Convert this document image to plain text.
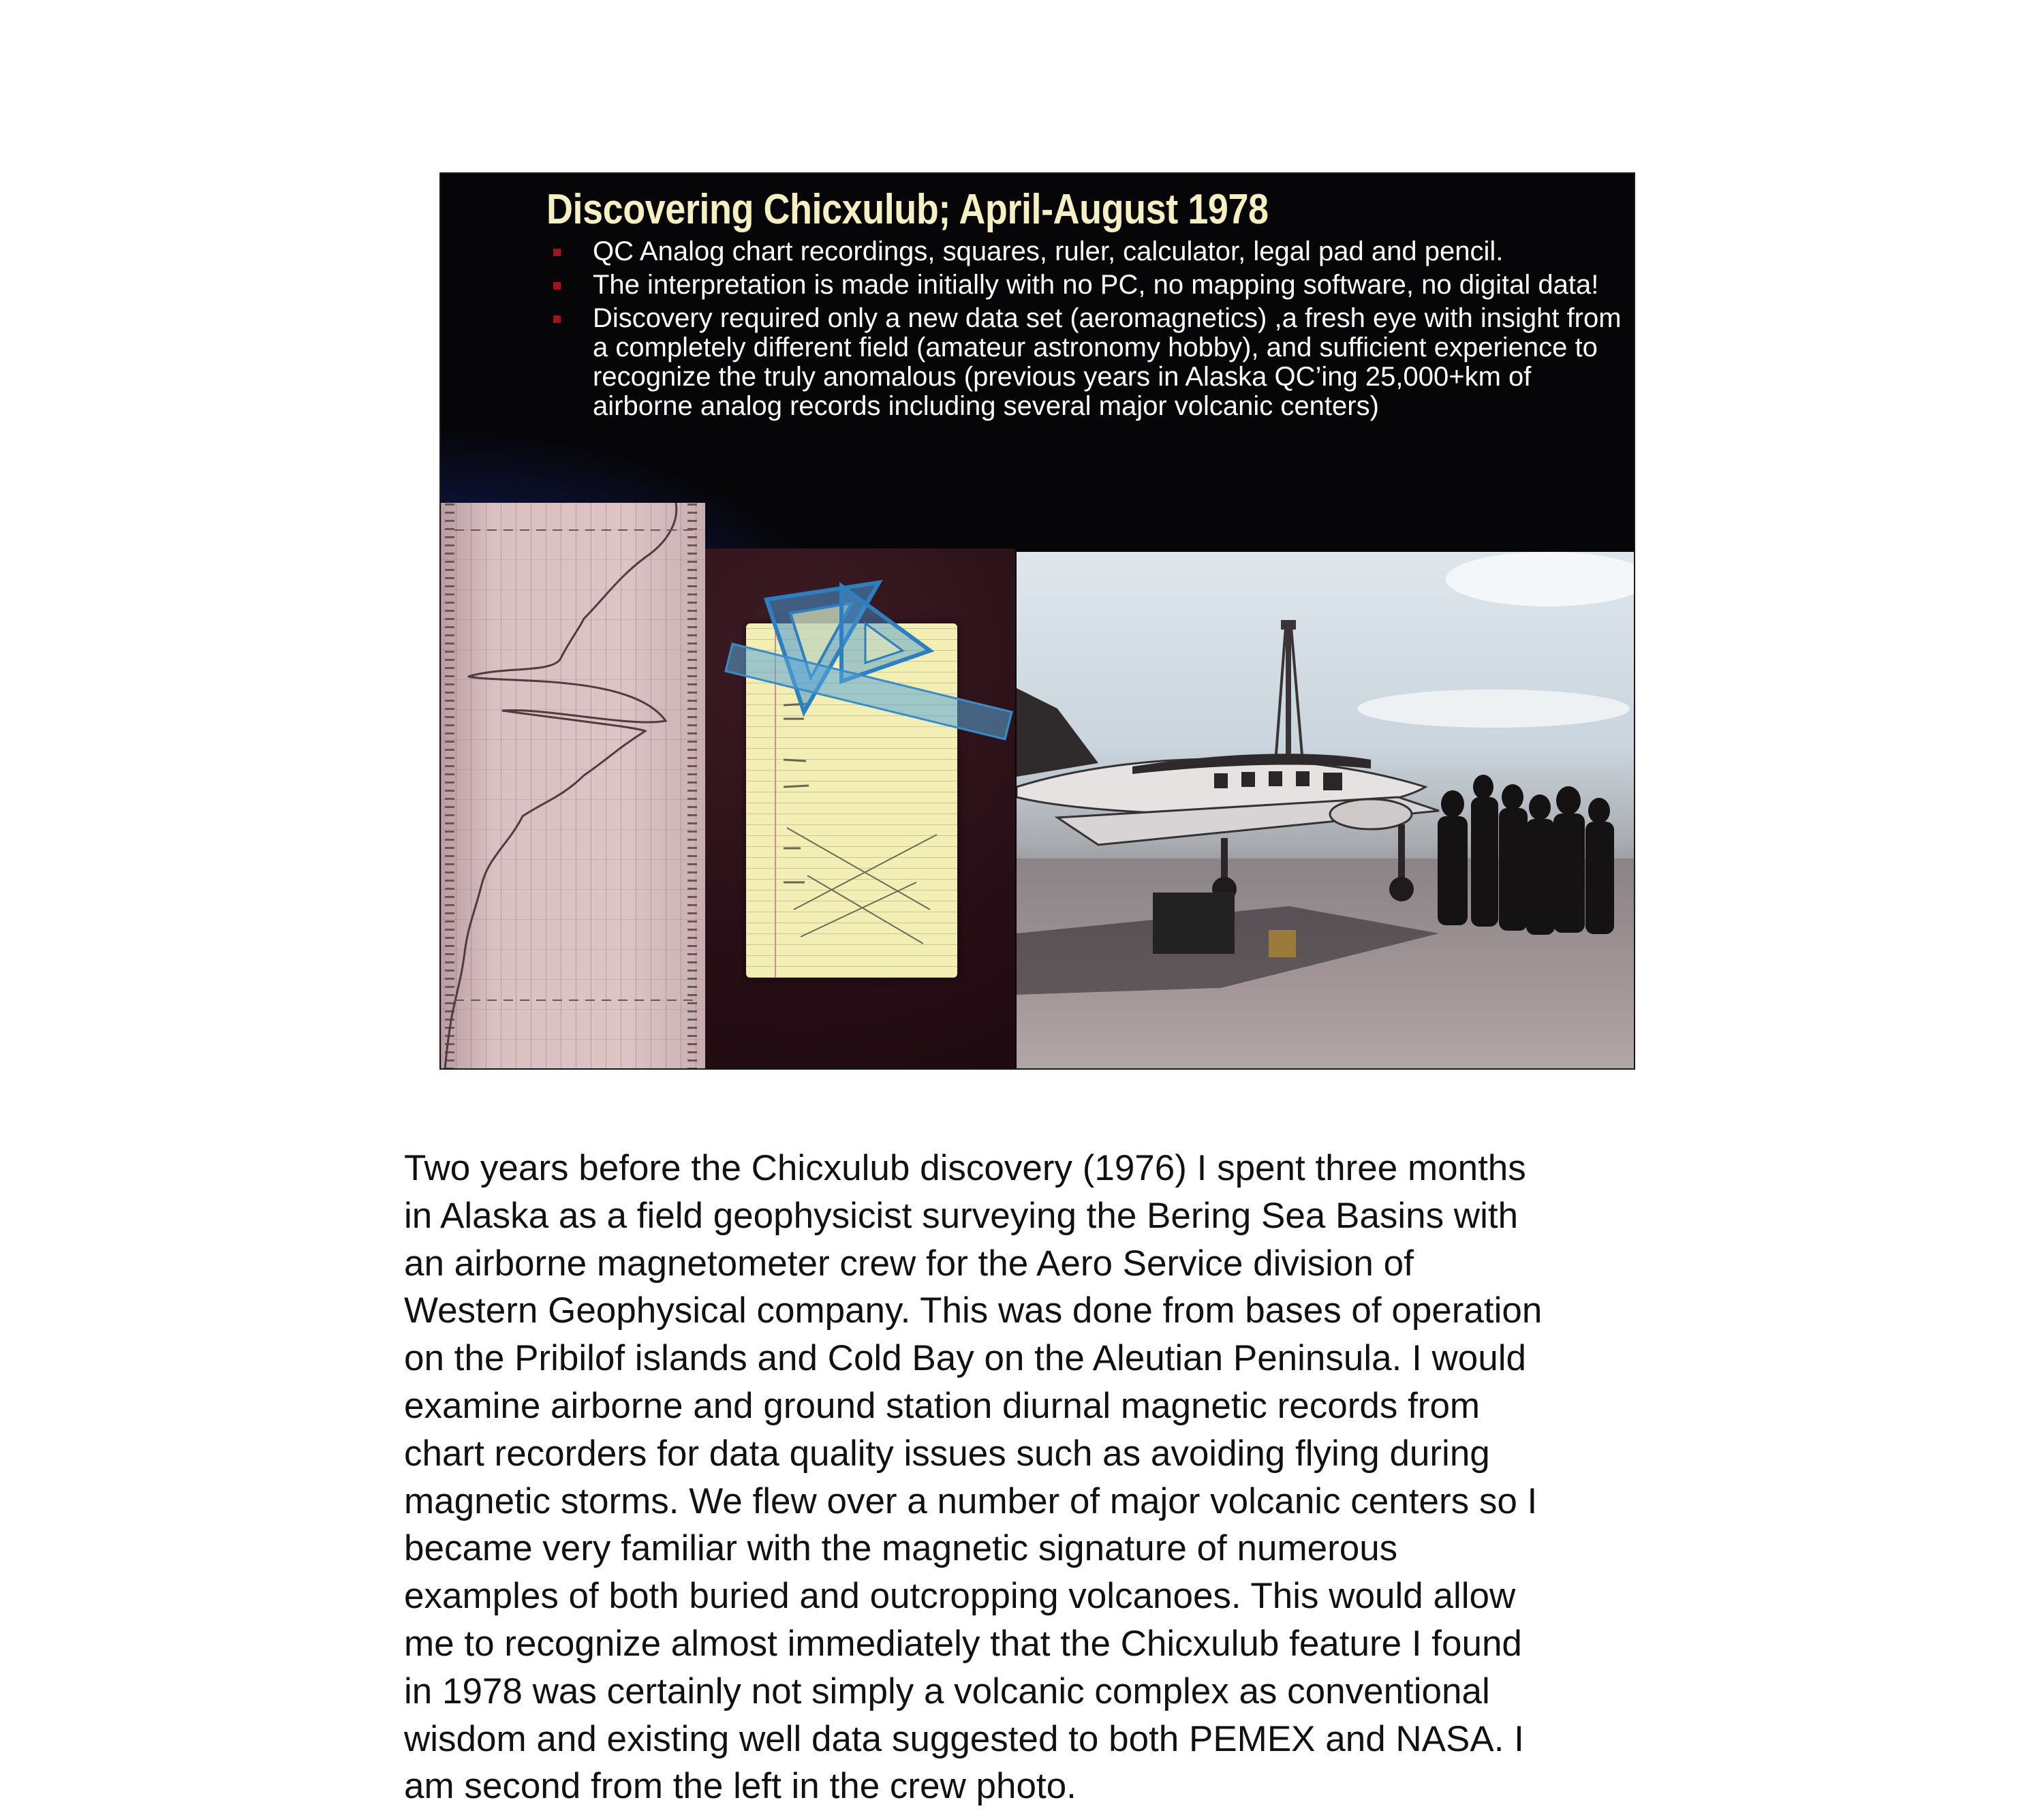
Discovering Chicxulub; April-August 1978
QC Analog chart recordings, squares, ruler, calculator, legal pad and pencil.
The interpretation is made initially with no PC, no mapping software, no digital data!
Discovery required only a new data set (aeromagnetics) ,a fresh eye with insight from a completely different field (amateur astronomy hobby), and sufficient experience to recognize the truly anomalous (previous years in Alaska QC’ing 25,000+km of airborne analog records including several major volcanic centers)

Two years before the Chicxulub discovery (1976) I spent three months
in Alaska as a field geophysicist surveying the Bering Sea Basins with
an airborne magnetometer crew for the Aero Service division of
Western Geophysical company. This was done from bases of operation
on the Pribilof islands and Cold Bay on the Aleutian Peninsula. I would
examine airborne and ground station diurnal magnetic records from
chart recorders for data quality issues such as avoiding flying during
magnetic storms. We flew over a number of major volcanic centers so I
became very familiar with the magnetic signature of numerous
examples of both buried and outcropping volcanoes. This would allow
me to recognize almost immediately that the Chicxulub feature I found
in 1978 was certainly not simply a volcanic complex as conventional
wisdom and existing well data suggested to both PEMEX and NASA. I
am second from the left in the crew photo.
